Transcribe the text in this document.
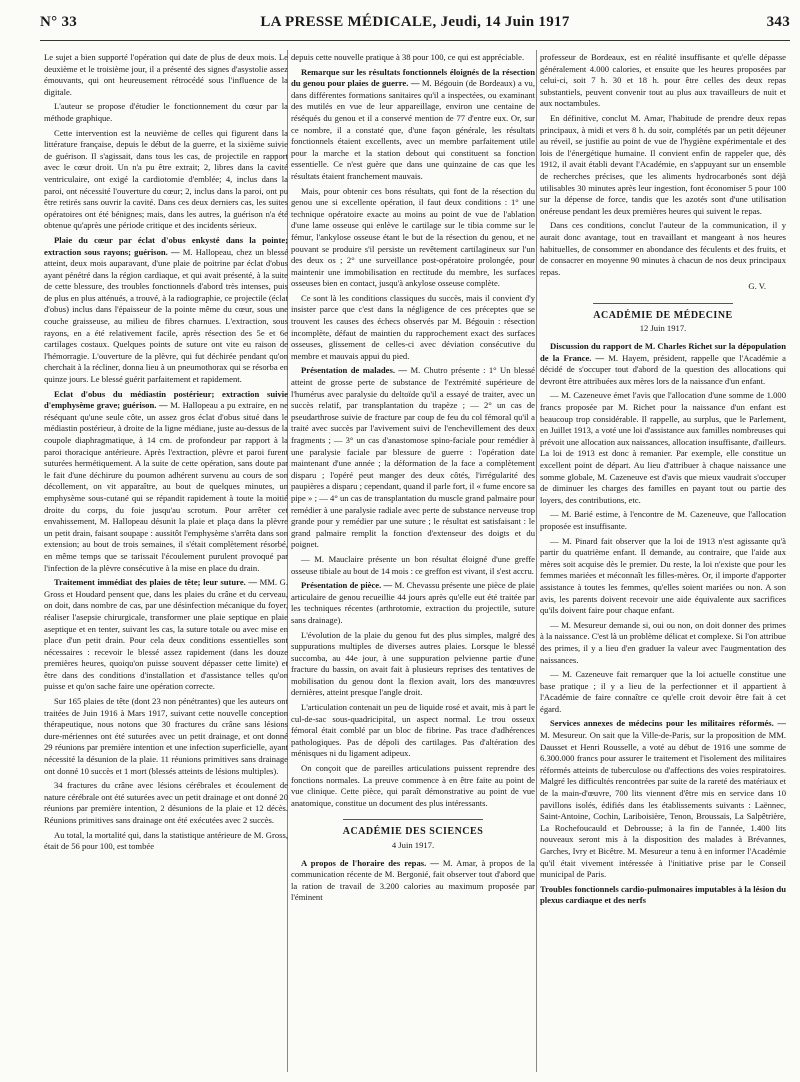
N° 33	LA PRESSE MÉDICALE, Jeudi, 14 Juin 1917	343

Le sujet a bien supporté l'opération qui date de plus de deux mois. Le deuxième et le troisième jour, il a présenté des signes d'asystolie assez émouvants, qui ont heureusement rétrocédé sous l'influence de la digitale.

L'auteur se propose d'étudier le fonctionnement du cœur par la méthode graphique.

Cette intervention est la neuvième de celles qui figurent dans la littérature française, depuis le début de la guerre, et la sixième suivie de guérison. Il s'agissait, dans tous les cas, de projectile en rapport avec le cœur droit. Un n'a pu être extrait; 2, libres dans la cavité ventriculaire, ont exigé la cardiotomie d'emblée; 4, inclus dans la paroi, ont nécessité l'ouverture du cœur; 2, inclus dans la paroi, ont pu être retirés sans ouvrir la cavité. Dans ces deux derniers cas, les suites opératoires ont été bénignes; mais, dans les autres, la guérison n'a été obtenue qu'après une période critique et des incidents sérieux.

Plaie du cœur par éclat d'obus enkysté dans la pointe; extraction sous rayons; guérison. — M. Hallopeau, chez un blessé atteint, deux mois auparavant, d'une plaie de poitrine par éclat d'obus ayant pénétré dans la région cardiaque, et qui avait présenté, à la suite de cette blessure, des troubles fonctionnels d'abord très intenses, puis de plus en plus atténués, a trouvé, à la radiographie, ce projectile (éclat d'obus) inclus dans l'épaisseur de la pointe même du cœur, sous une couche graisseuse, au milieu de fibres charnues. L'extraction, sous rayons, en a été relativement facile, après résection des 5e et 6e cartilages costaux. Quelques points de suture ont vite eu raison de l'hémorragie. L'ouverture de la plèvre, qui fut déchirée pendant qu'on cherchait à la récliner, donna lieu à un pneumothorax qui se résorba en quinze jours. Le blessé guérit parfaitement et rapidement.

Eclat d'obus du médiastin postérieur; extraction suivie d'emphysème grave; guérison. — M. Hallopeau a pu extraire, en ne réséquant qu'une seule côte, un assez gros éclat d'obus situé dans le médiastin postérieur, à droite de la ligne médiane, juste au-dessus de la coupole diaphragmatique, à 14 cm. de profondeur par rapport à la paroi thoracique antérieure. Après l'extraction, plèvre et paroi furent suturées hermétiquement. A la suite de cette opération, sans doute par le fait d'une déchirure du poumon adhérent survenu au cours de son décollement, on vit apparaître, au bout de quelques minutes, un emphysème sous-cutané qui se répandit rapidement à toute la moitié droite du corps, du foie jusqu'au scrotum. Pour arrêter cet envahissement, M. Hallopeau désunit la plaie et plaça dans la plèvre un petit drain, faisant soupape : aussitôt l'emphysème s'arrêta dans son extension; au bout de trois semaines, il s'était complètement résorbé, en même temps que se tarissait l'écoulement purulent provoqué par l'infection de la plèvre consécutive à la mise en place du drain.

Traitement immédiat des plaies de tête; leur suture. — MM. G. Gross et Houdard pensent que, dans les plaies du crâne et du cerveau, on doit, dans nombre de cas, par une désinfection mécanique du foyer, réaliser l'asepsie chirurgicale, transformer une plaie septique en plaie aseptique et en tenter, suivant les cas, la suture totale ou avec mise en place d'un petit drain. Pour cela deux conditions essentielles sont nécessaires : recevoir le blessé assez rapidement (dans les douze premières heures, quoiqu'on puisse souvent dépasser cette limite) et être dans des conditions d'installation et d'assistance telles qu'on puisse et qu'on sache faire une opération correcte.

Sur 165 plaies de tête (dont 23 non pénétrantes) que les auteurs ont traitées de Juin 1916 à Mars 1917, suivant cette nouvelle conception thérapeutique, nous notons que 30 fractures du crâne sans lésions dure-mériennes ont été suturées avec un petit drainage, et ont donné 29 réunions par première intention et une infection superficielle, ayant nécessité la désunion de la plaie. 11 réunions primitives sans drainage ont donné 10 succès et 1 mort (blessés atteints de lésions multiples).

34 fractures du crâne avec lésions cérébrales et écoulement de nature cérébrale ont été suturées avec un petit drainage et ont donné 20 réunions par première intention, 2 désunions de la plaie et 12 décès. Réunions primitives sans drainage ont été exécutées avec 2 succès.

Au total, la mortalité qui, dans la statistique antérieure de M. Gross, était de 56 pour 100, est tombée

depuis cette nouvelle pratique à 38 pour 100, ce qui est appréciable.

Remarque sur les résultats fonctionnels éloignés de la résection du genou pour plaies de guerre. — M. Bégouin (de Bordeaux) a vu, dans différentes formations sanitaires qu'il a inspectées, ou examinant des mutilés en vue de leur appareillage, environ une centaine de réséqués du genou et il a conservé mention de 77 d'entre eux. Or, sur ce nombre, il a constaté que, d'une façon générale, les résultats fonctionnels étaient excellents, avec un membre parfaitement utile pour la marche et la station debout qui constituent sa fonction essentielle. Ce n'est guère que dans une quinzaine de cas que les résultats étaient franchement mauvais.

Mais, pour obtenir ces bons résultats, qui font de la résection du genou une si excellente opération, il faut deux conditions : 1° une technique opératoire exacte au moins au point de vue de l'ablation d'une lame osseuse qui enlève le cartilage sur le tibia comme sur le fémur, l'ankylose osseuse étant le but de la résection du genou, et ne pouvant se produire s'il persiste un revêtement cartilagineux sur l'un des deux os ; 2° une surveillance post-opératoire prolongée, pour maintenir une immobilisation en rectitude du membre, les surfaces osseuses bien en contact, jusqu'à ankylose osseuse complète.

Ce sont là les conditions classiques du succès, mais il convient d'y insister parce que c'est dans la négligence de ces préceptes que se trouvent les causes des échecs observés par M. Bégouin : résection incomplète, défaut de maintien du rapprochement exact des surfaces osseuses, glissement de celles-ci avec déviation consécutive du membre et mauvais appui du pied.

Présentation de malades. — M. Chutro présente : 1° Un blessé atteint de grosse perte de substance de l'extrémité supérieure de l'humérus avec paralysie du deltoïde qu'il a essayé de traiter, avec un succès relatif, par transplantation du trapèze ; — 2° un cas de pseudarthrose suivie de fracture par coup de feu du col fémoral qu'il a traité avec succès par l'avivement suivi de l'enchevillement des deux fragments ; — 3° un cas d'anastomose spino-faciale pour remédier à une paralysie faciale par blessure de guerre : l'opération date maintenant d'une année ; la déformation de la face a complètement disparu ; l'opéré peut manger des deux côtés, l'irrégularité des paupières a disparu ; cependant, quand il parle fort, il « fume encore sa pipe » ; — 4° un cas de transplantation du muscle grand palmaire pour remédier à une paralysie radiale avec perte de substance nerveuse trop grande pour y remédier par une suture ; le résultat est satisfaisant : le grand palmaire remplit la fonction d'extenseur des doigts et du poignet.

— M. Mauclaire présente un bon résultat éloigné d'une greffe osseuse tibiale au bout de 14 mois : ce greffon est vivant, il s'est accru.

Présentation de pièce. — M. Chevassu présente une pièce de plaie articulaire de genou recueillie 44 jours après qu'elle eut été traitée par les techniques récentes (arthrotomie, extraction du projectile, suture sans drainage).

L'évolution de la plaie du genou fut des plus simples, malgré des suppurations multiples de diverses autres plaies. Lorsque le blessé succomba, au 44e jour, à une suppuration pelvienne partie d'une fracture du bassin, on avait fait à plusieurs reprises des tentatives de mobilisation du genou dont la flexion avait, lors des manœuvres dernières, atteint presque l'angle droit.

L'articulation contenait un peu de liquide rosé et avait, mis à part le cul-de-sac sous-quadricipital, un aspect normal. Le trou osseux fémoral était comblé par un bloc de fibrine. Pas trace d'adhérences pathologiques. Pas de dépoli des cartilages. Pas d'altération des ménisques ni du ligament adipeux.

On conçoit que de pareilles articulations puissent reprendre des fonctions normales. La preuve commence à en être faite au point de vue clinique. Cette pièce, qui paraît démonstrative au point de vue anatomique, constitue un document des plus intéressants.

ACADÉMIE DES SCIENCES
4 Juin 1917.

A propos de l'horaire des repas. — M. Amar, à propos de la communication récente de M. Bergonié, fait observer tout d'abord que la ration de travail de 3.200 calories au maximum proposée par l'éminent

professeur de Bordeaux, est en réalité insuffisante et qu'elle dépasse généralement 4.000 calories, et ensuite que les heures proposées par celui-ci, soit 7 h. 30 et 18 h. pour être celles des deux repas substantiels, peuvent convenir tout au plus aux travailleurs de nuit et aux noctambules.

En définitive, conclut M. Amar, l'habitude de prendre deux repas principaux, à midi et vers 8 h. du soir, complétés par un petit déjeuner au réveil, se justifie au point de vue de l'hygiène expérimentale et des lois de l'énergétique humaine. Il convient enfin de rappeler que, dès 1912, il avait établi devant l'Académie, en s'appuyant sur un ensemble de recherches précises, que les aliments hydrocarbonés sont déjà utilisables 30 minutes après leur ingestion, font économiser 5 pour 100 sur la dépense de force, tandis que les azotés sont d'une utilisation onéreuse pendant les deux premières heures qui suivent le repas.

Dans ces conditions, conclut l'auteur de la communication, il y aurait donc avantage, tout en travaillant et mangeant à nos heures habituelles, de consommer en abondance des féculents et des fruits, et de consacrer en moyenne 90 minutes à chacun de nos deux principaux repas.

G. V.
ACADÉMIE DE MÉDECINE
12 Juin 1917.

Discussion du rapport de M. Charles Richet sur la dépopulation de la France. — M. Hayem, président, rappelle que l'Académie a décidé de s'occuper tout d'abord de la question des allocations qui devront être attribuées aux mères lors de la naissance d'un enfant.

— M. Cazeneuve émet l'avis que l'allocation d'une somme de 1.000 francs proposée par M. Richet pour la naissance d'un enfant est beaucoup trop considérable. Il rappelle, au surplus, que le Parlement, en Juillet 1913, a voté une loi d'assistance aux familles nombreuses qui prévoit une allocation aux naissances, allocation insuffisante, d'ailleurs. La loi de 1913 est donc à remanier. Par exemple, elle constitue un excellent point de départ. Au lieu d'attribuer à chaque naissance une somme globale, M. Cazeneuve est d'avis que mieux vaudrait s'occuper de diminuer les charges des familles en payant tout ou partie des loyers, des contributions, etc.

— M. Barié estime, à l'encontre de M. Cazeneuve, que l'allocation proposée est insuffisante.

— M. Pinard fait observer que la loi de 1913 n'est agissante qu'à partir du quatrième enfant. Il demande, au contraire, que l'aide aux mères soit acquise dès le premier. Du reste, la loi n'existe que pour les femmes mariées et méconnaît les filles-mères. Or, il importe d'apporter assistance à toutes les femmes, qu'elles soient mariées ou non. A son avis, les parents doivent recevoir une aide équivalente aux sacrifices qu'ils doivent faire pour chaque enfant.

— M. Mesureur demande si, oui ou non, on doit donner des primes à la naissance. C'est là un problème délicat et complexe. Si l'on attribue des primes, il y a lieu d'en graduer la valeur avec l'augmentation des naissances.

— M. Cazeneuve fait remarquer que la loi actuelle constitue une base pratique ; il y a lieu de la perfectionner et il appartient à l'Académie de faire connaître ce qu'elle croit devoir être fait à cet égard.

Services annexes de médecins pour les militaires réformés. — M. Mesureur. On sait que la Ville-de-Paris, sur la proposition de MM. Dausset et Henri Rousselle, a voté au début de 1916 une somme de 6.300.000 francs pour assurer le traitement et l'isolement des militaires réformés atteints de tuberculose ou d'affections des voies respiratoires. Malgré les difficultés rencontrées par suite de la rareté des matériaux et de la main-d'œuvre, 700 lits viennent d'être mis en service dans 10 pavillons isolés, édifiés dans les établissements suivants : Laënnec, Saint-Antoine, Cochin, Lariboisière, Tenon, Broussais, La Salpêtrière, La Rochefoucauld et Debrousse; à la fin de l'année, 1.400 lits nouveaux seront mis à la disposition des malades à Brévannes, Garches, Ivry et Bicêtre. M. Mesureur a tenu à en informer l'Académie qu'il était vivement intéressée à l'initiative prise par le Conseil municipal de Paris.

Troubles fonctionnels cardio-pulmonaires imputables à la lésion du plexus cardiaque et des nerfs
